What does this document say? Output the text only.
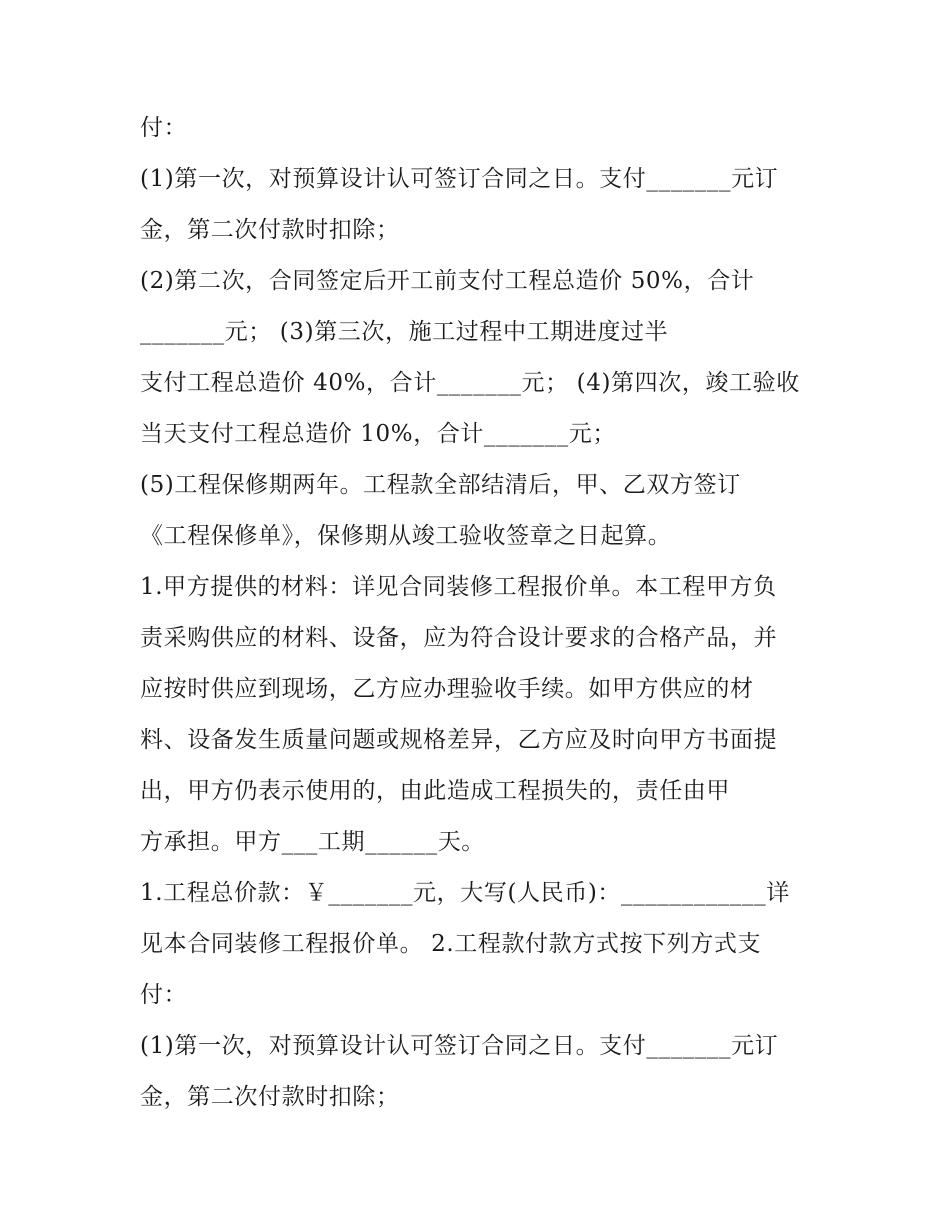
付：
(1)第一次，对预算设计认可签订合同之日。支付_______元订
金，第二次付款时扣除；
(2)第二次，合同签定后开工前支付工程总造价 50%，合计
_______元； (3)第三次，施工过程中工期进度过半
支付工程总造价 40%，合计_______元； (4)第四次，竣工验收
当天支付工程总造价 10%，合计_______元；
(5)工程保修期两年。工程款全部结清后，甲、乙双方签订
《工程保修单》，保修期从竣工验收签章之日起算。
1.甲方提供的材料：详见合同装修工程报价单。本工程甲方负
责采购供应的材料、设备，应为符合设计要求的合格产品，并
应按时供应到现场，乙方应办理验收手续。如甲方供应的材
料、设备发生质量问题或规格差异，乙方应及时向甲方书面提
出，甲方仍表示使用的，由此造成工程损失的，责任由甲
方承担。甲方___工期______天。
1.工程总价款：￥_______元，大写(人民币)：____________详
见本合同装修工程报价单。 2.工程款付款方式按下列方式支
付：
(1)第一次，对预算设计认可签订合同之日。支付_______元订
金，第二次付款时扣除；
